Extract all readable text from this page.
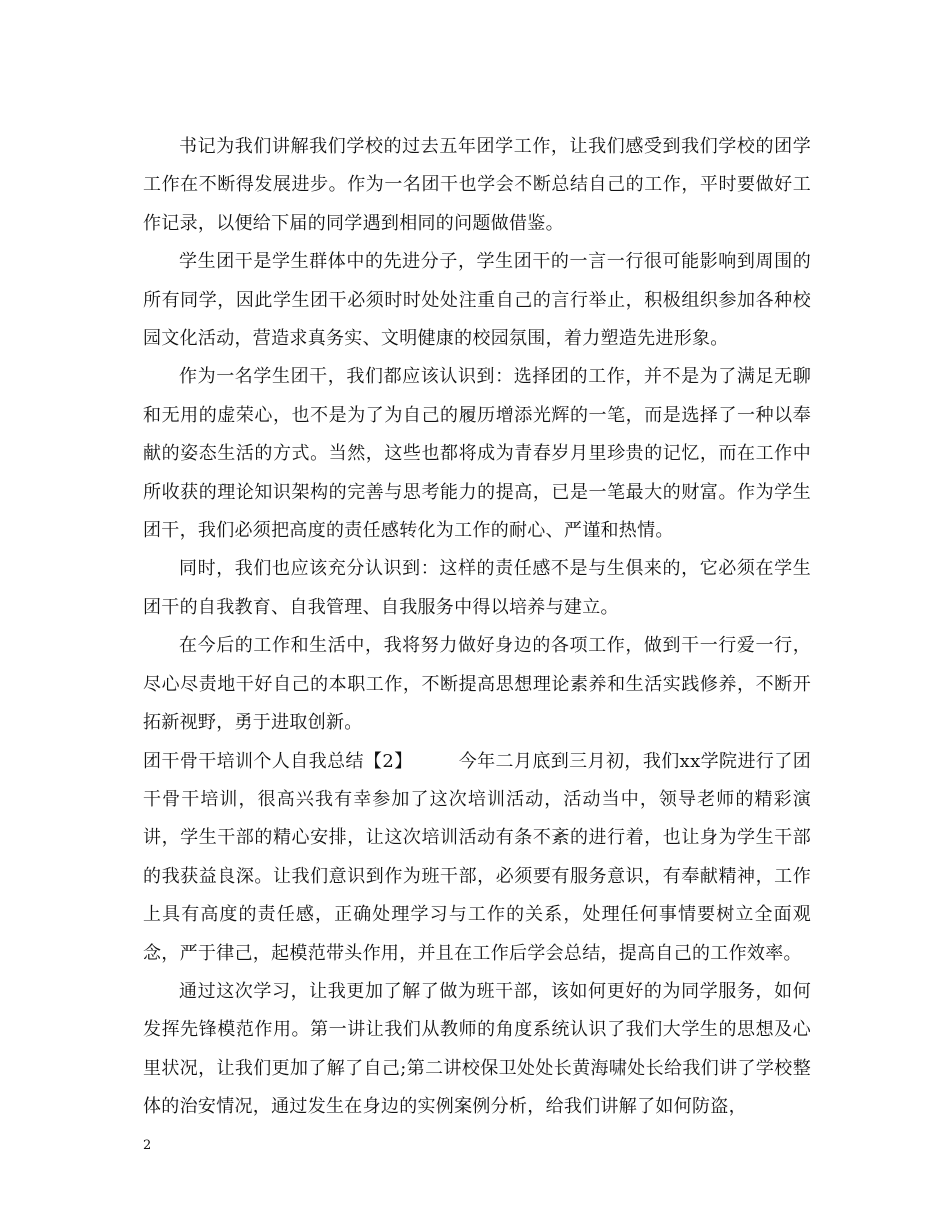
书记为我们讲解我们学校的过去五年团学工作，让我们感受到我们学校的团学工作在不断得发展进步。作为一名团干也学会不断总结自己的工作，平时要做好工作记录，以便给下届的同学遇到相同的问题做借鉴。

学生团干是学生群体中的先进分子，学生团干的一言一行很可能影响到周围的所有同学，因此学生团干必须时时处处注重自己的言行举止，积极组织参加各种校园文化活动，营造求真务实、文明健康的校园氛围，着力塑造先进形象。

作为一名学生团干，我们都应该认识到：选择团的工作，并不是为了满足无聊和无用的虚荣心，也不是为了为自己的履历增添光辉的一笔，而是选择了一种以奉献的姿态生活的方式。当然，这些也都将成为青春岁月里珍贵的记忆，而在工作中所收获的理论知识架构的完善与思考能力的提高，已是一笔最大的财富。作为学生团干，我们必须把高度的责任感转化为工作的耐心、严谨和热情。

同时，我们也应该充分认识到：这样的责任感不是与生俱来的，它必须在学生团干的自我教育、自我管理、自我服务中得以培养与建立。

在今后的工作和生活中，我将努力做好身边的各项工作，做到干一行爱一行，尽心尽责地干好自己的本职工作，不断提高思想理论素养和生活实践修养，不断开拓新视野，勇于进取创新。

团干骨干培训个人自我总结【2】	今年二月底到三月初，我们xx学院进行了团干骨干培训，很高兴我有幸参加了这次培训活动，活动当中，领导老师的精彩演讲，学生干部的精心安排，让这次培训活动有条不紊的进行着，也让身为学生干部的我获益良深。让我们意识到作为班干部，必须要有服务意识，有奉献精神，工作上具有高度的责任感，正确处理学习与工作的关系，处理任何事情要树立全面观念，严于律己，起模范带头作用，并且在工作后学会总结，提高自己的工作效率。

通过这次学习，让我更加了解了做为班干部，该如何更好的为同学服务，如何发挥先锋模范作用。第一讲让我们从教师的角度系统认识了我们大学生的思想及心里状况，让我们更加了解了自己;第二讲校保卫处处长黄海啸处长给我们讲了学校整体的治安情况，通过发生在身边的实例案例分析，给我们讲解了如何防盗，

2
